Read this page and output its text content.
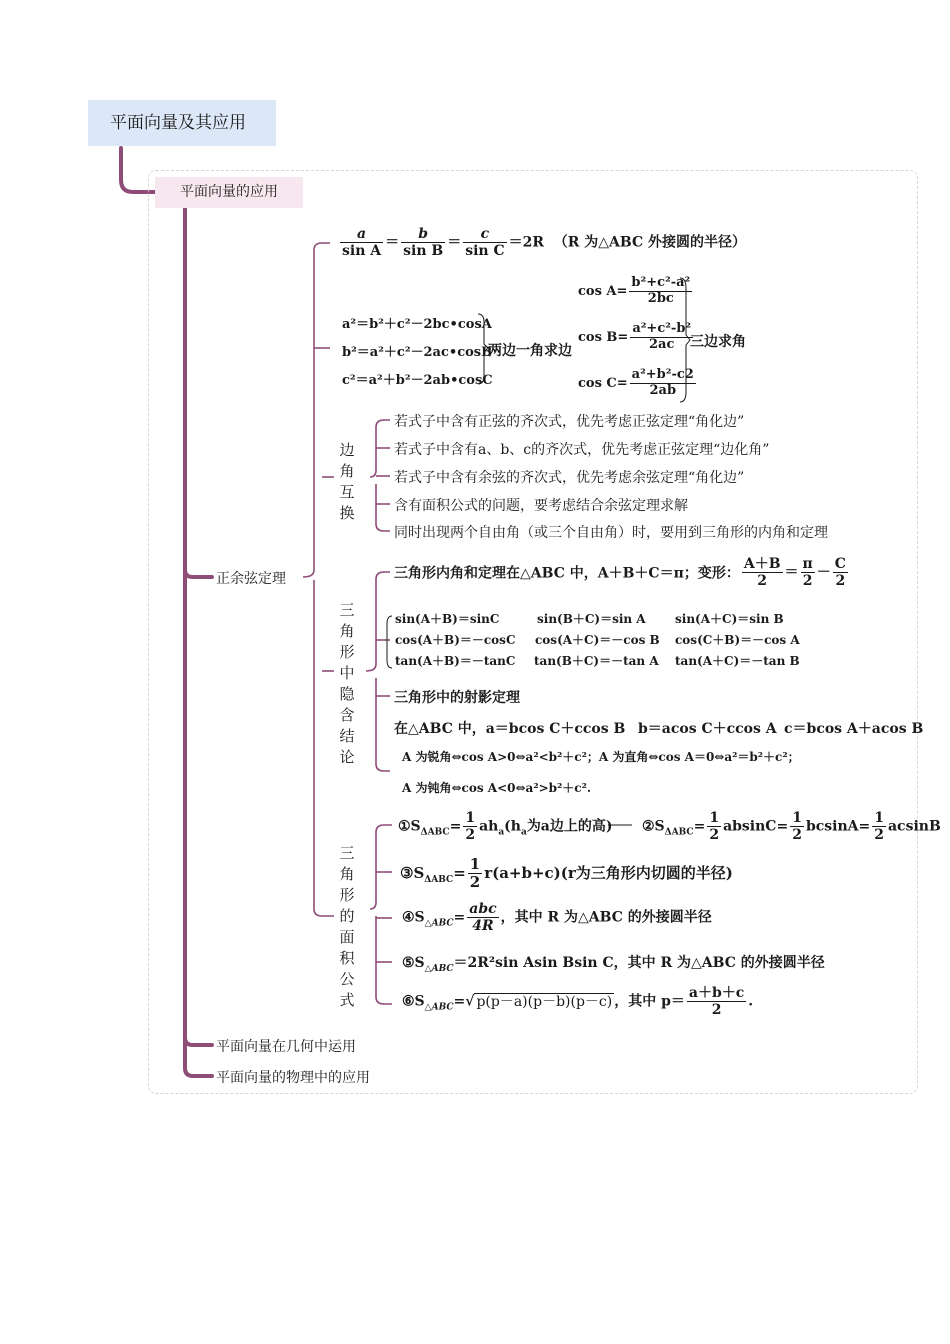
平面向量及其应用
平面向量的应用
正余弦定理
平面向量在几何中运用
平面向量的物理中的应用
$\frac{a}{\text{sin A}} = \frac{b}{\text{sin B}} = \frac{c}{\text{sin C}} =2R$ （R 为△ABC 外接圆的半径）
a²＝b²＋c²－2bc•cosA
b²＝a²＋c²－2ac•cosB
c²＝a²＋b²－2ab•cosC
两边一角求边
$\cos A= \frac{\text{b²+c²-a²}}{2bc}$
$\cos B= \frac{\text{a²+c²-b²}}{2ac}$
$\cos C= \frac{\text{a²+b²-c2}}{2ab}$
三边求角
边角互换
若式子中含有正弦的齐次式，优先考虑正弦定理“角化边”
若式子中含有a、b、c的齐次式，优先考虑正弦定理“边化角”
若式子中含有余弦的齐次式，优先考虑余弦定理“角化边”
含有面积公式的问题，要考虑结合余弦定理求解
同时出现两个自由角（或三个自由角）时，要用到三角形的内角和定理
三角形中隐含结论
三角形内角和定理在△ABC 中，A＋B＋C＝π；变形： $\frac{A+B}{2} = \frac{\pi}{2} - \frac{C}{2}$
sin(A＋B)＝sinC	sin(B＋C)＝sin A sin(A＋C)＝sin B
cos(A＋B)＝－cosC cos(A＋C)＝－cos B cos(C＋B)＝－cos A
tan(A＋B)＝－tanC tan(B＋C)＝－tan A tan(A＋C)＝－tan B
三角形中的射影定理
在△ABC 中，a＝bcos C＋ccos B b＝acos C＋ccos A c＝bcos A＋acos B
A 为锐角⇔cos A>0⇔a²<b²＋c²；A 为直角⇔cos A＝0⇔a²＝b²＋c²；
A 为钝角⇔cos A<0⇔a²>b²＋c².
三角形的面积公式
$①S_{\Delta ABC}= \frac{1}{2} ah_a(h_a$为a边上的高) $②S_{\Delta ABC}= \frac{1}{2} absinC= \frac{1}{2} bcsinA= \frac{1}{2}$ acsinB
$③S_{\Delta ABC}= \frac{1}{2} r(a+b+c)(r$为三角形内切圆的半径)
$④S_{\triangle ABC}= \frac{\text{abc}}{4R}$ ，其中 R 为△ABC 的外接圆半径
$⑤S_{\triangle ABC}=2R^2\sin$ Asin Bsin C，其中 R 为△ABC 的外接圆半径
$⑥S_{\triangle ABC}=√$ p(p－a)(p－b)(p－c) ，其中 $p= \frac{a+b+c}{2}$ .
